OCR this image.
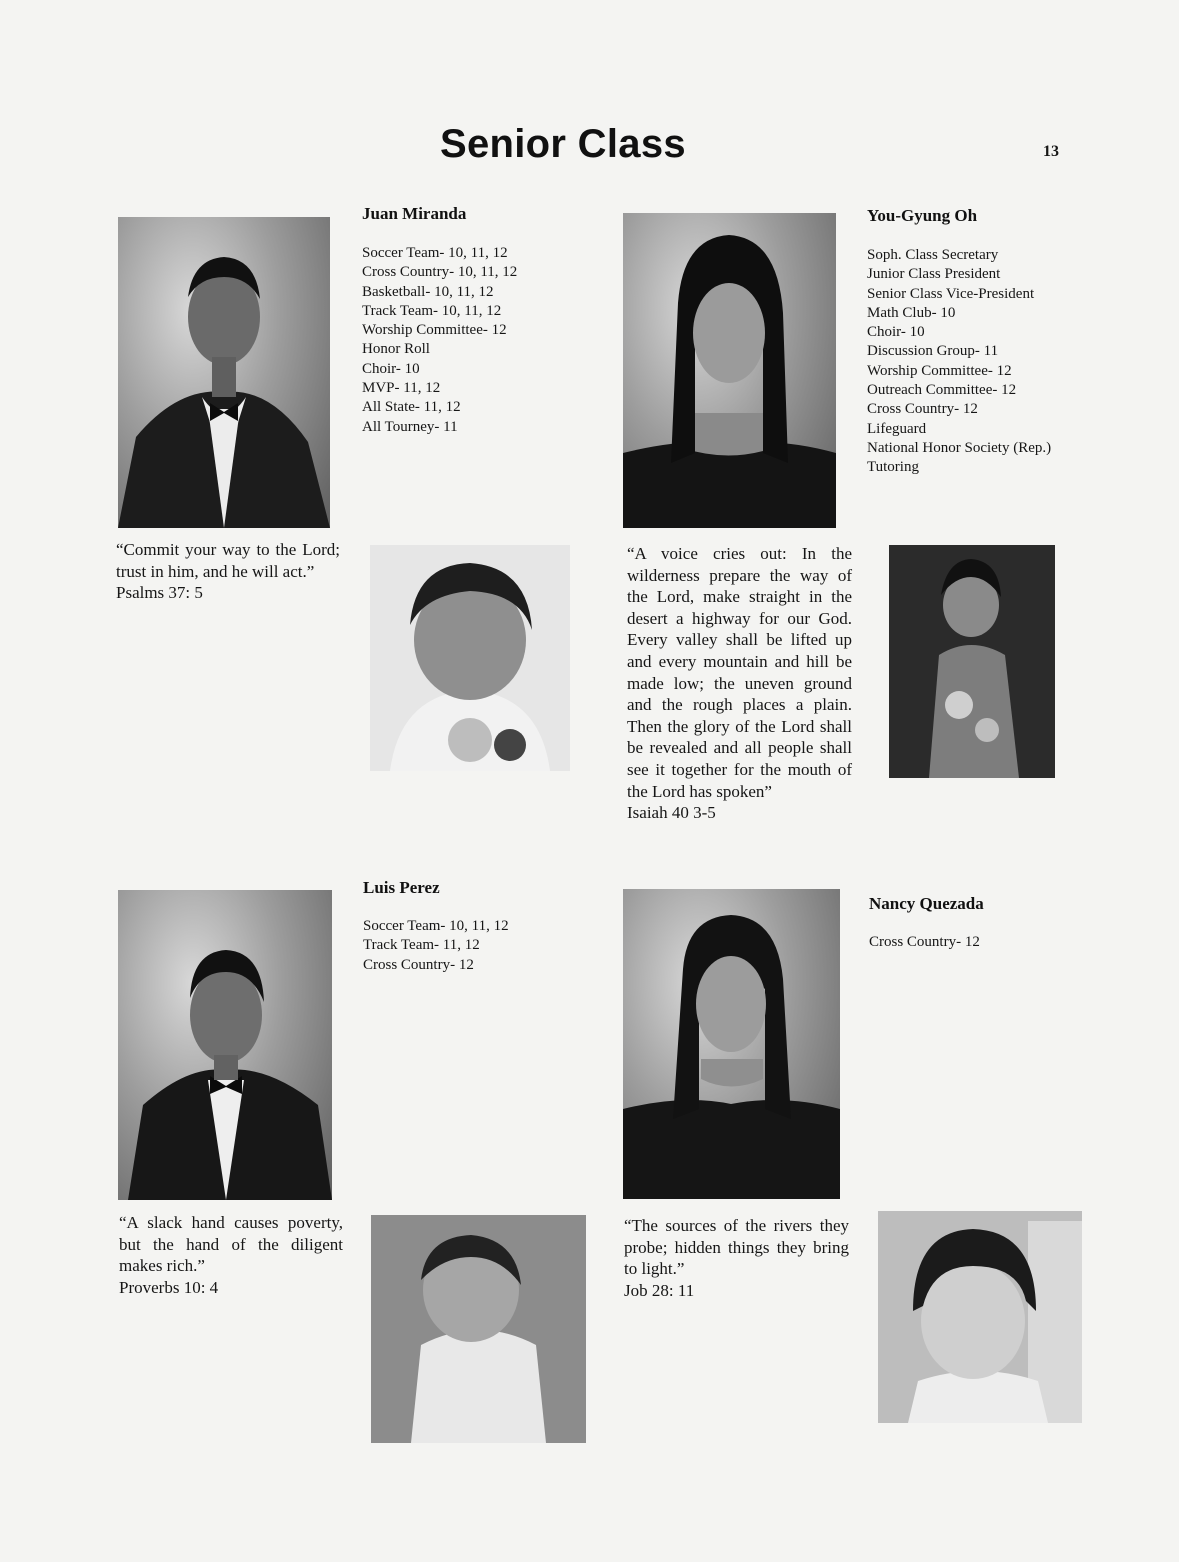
Senior Class	13
Juan Miranda
Soccer Team- 10, 11, 12
Cross Country- 10, 11, 12
Basketball- 10, 11, 12
Track Team- 10, 11, 12
Worship Committee- 12
Honor Roll
Choir- 10
MVP- 11, 12
All State- 11, 12
All Tourney- 11
“Commit your way to the Lord; trust in him, and he will act.”
Psalms 37: 5
You-Gyung Oh
Soph. Class Secretary
Junior Class President
Senior Class Vice-President
Math Club- 10
Choir- 10
Discussion Group- 11
Worship Committee- 12
Outreach Committee- 12
Cross Country- 12
Lifeguard
National Honor Society (Rep.)
Tutoring
“A voice cries out: In the wilderness prepare the way of the Lord, make straight in the desert a highway for our God. Every valley shall be lifted up and every mountain and hill be made low; the uneven ground and the rough places a plain. Then the glory of the Lord shall be revealed and all people shall see it together for the mouth of the Lord has spoken”
Isaiah 40 3-5
Luis Perez
Soccer Team- 10, 11, 12
Track Team- 11, 12
Cross Country- 12
“A slack hand causes poverty, but the hand of the diligent makes rich.”
Proverbs 10: 4
Nancy Quezada
Cross Country- 12
“The sources of the rivers they probe; hidden things they bring to light.”
Job 28: 11
